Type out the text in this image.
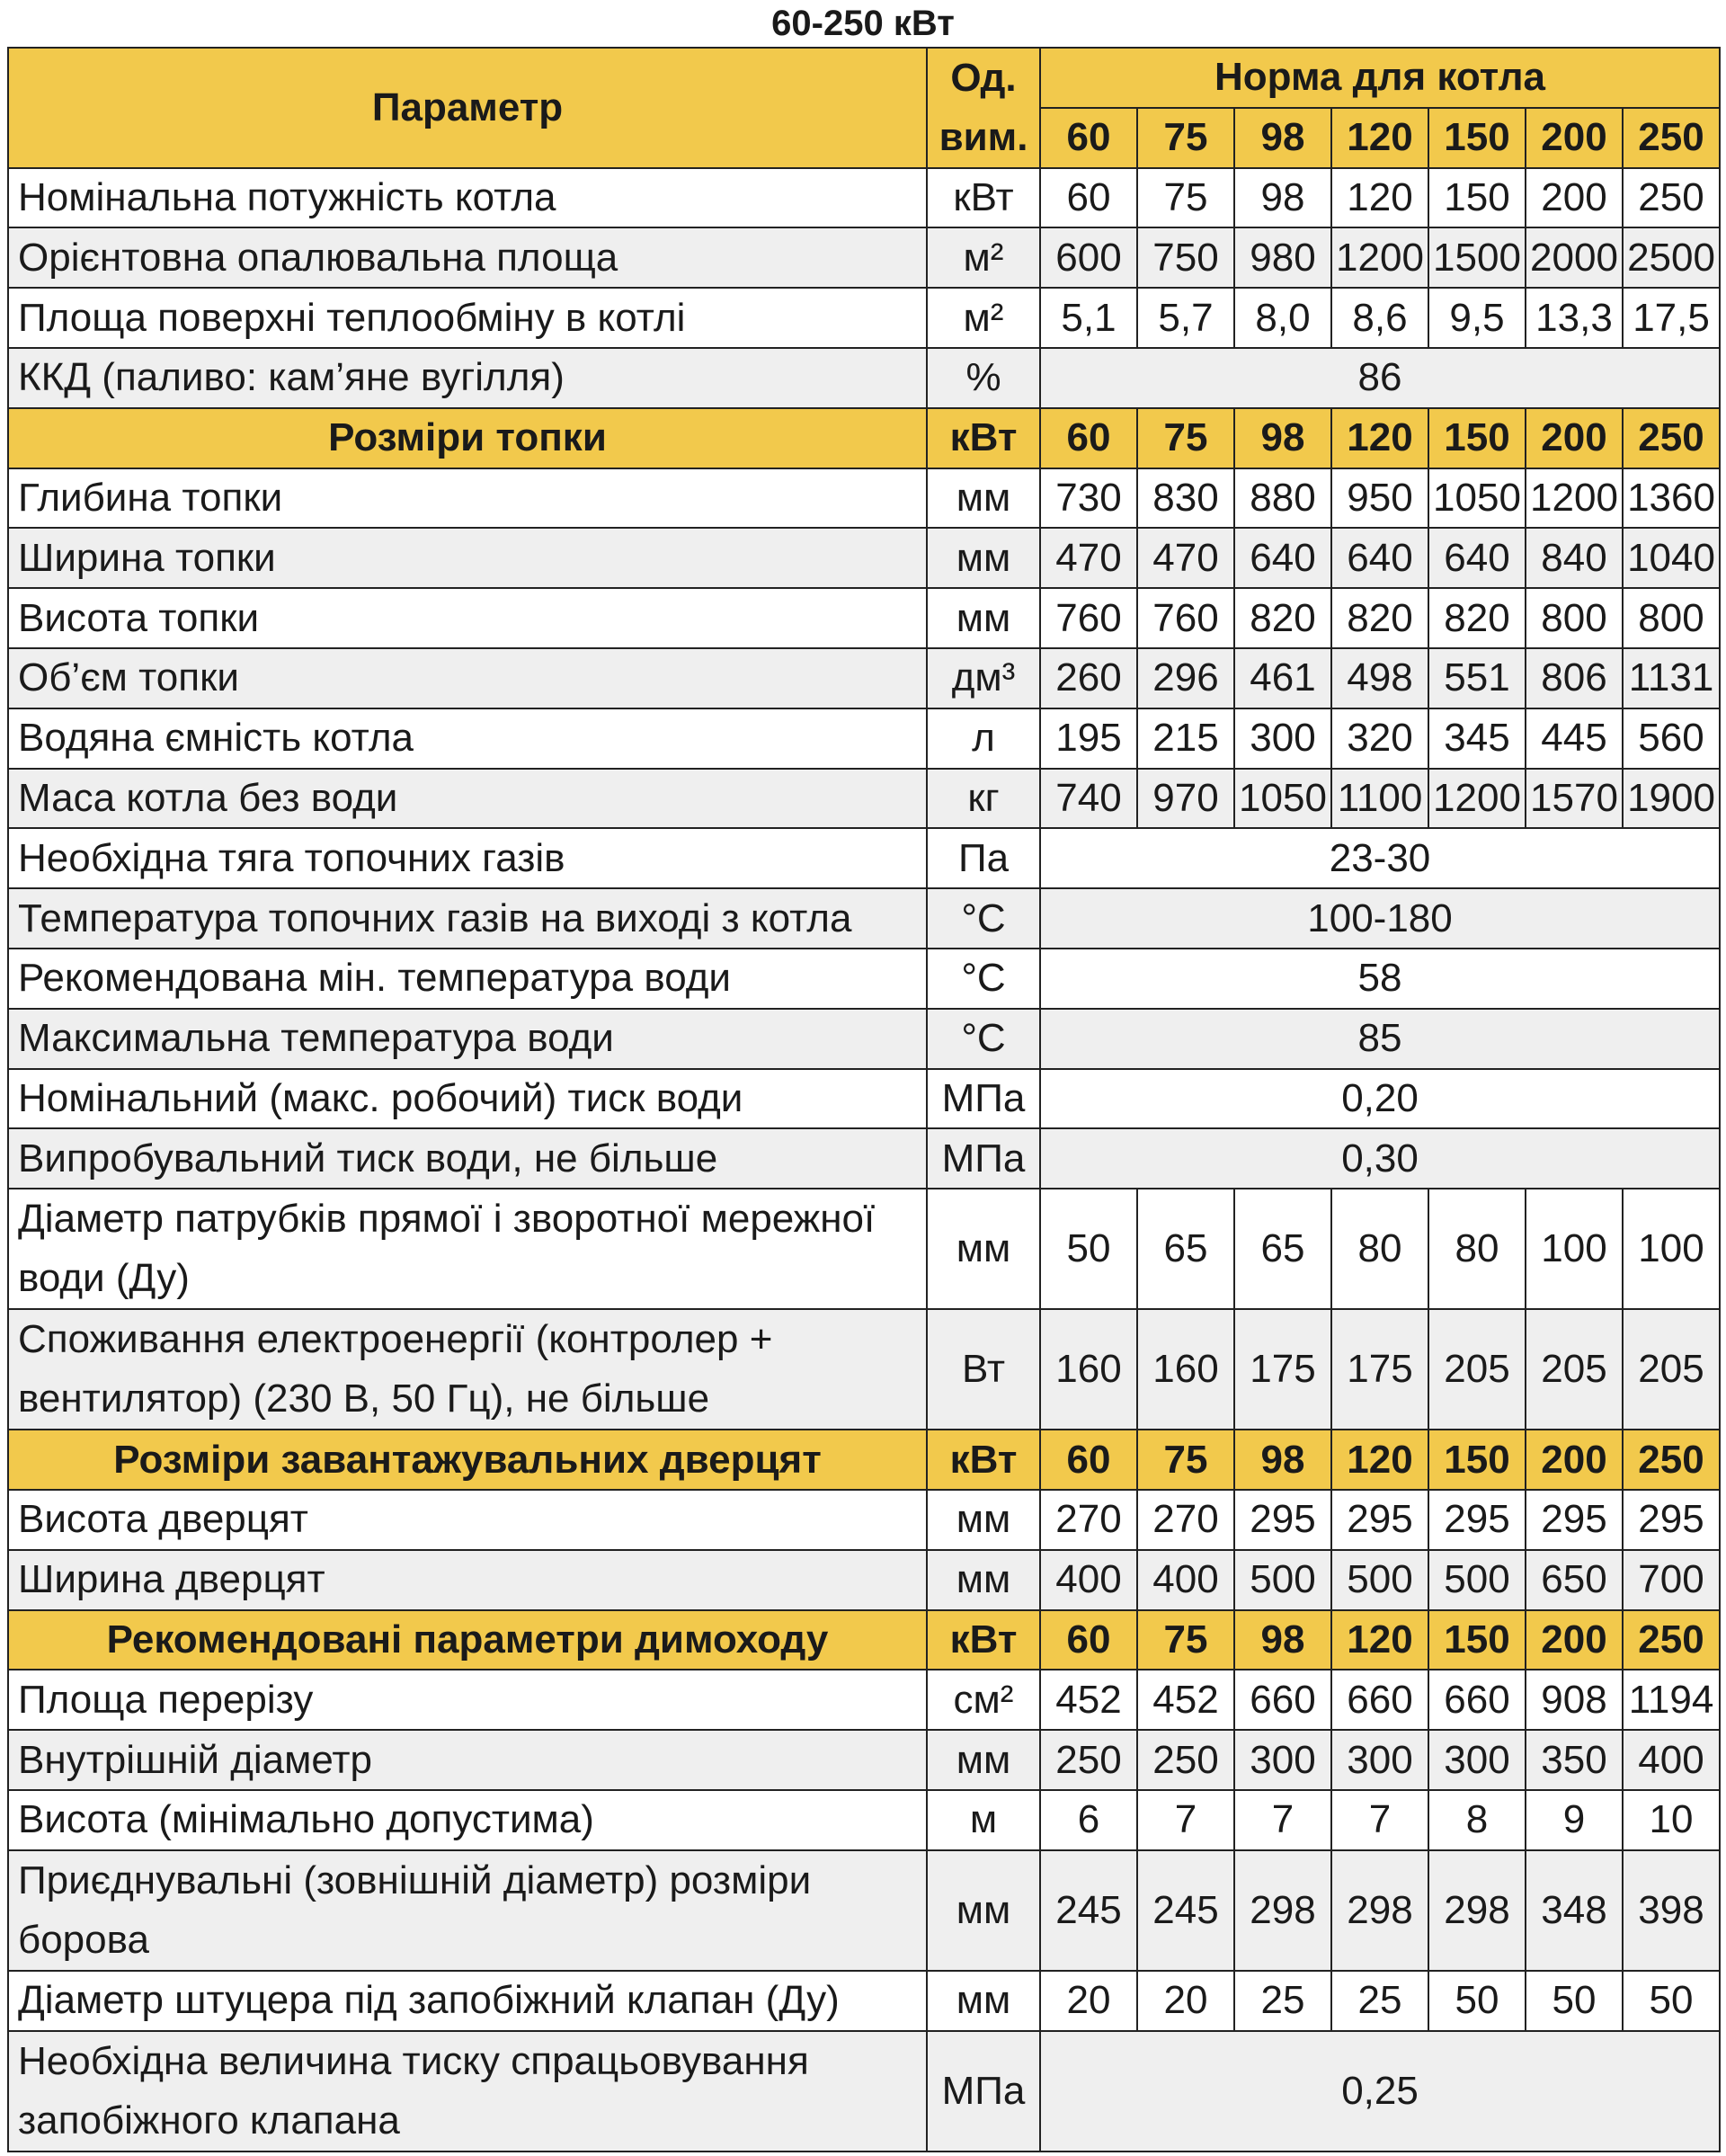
60-250 кВт
Параметр	Од.	Норма для котла						
	вим.	60	75	98	120	150	200	250
Номінальна потужність котла	кВт	60	75	98	120	150	200	250
Орієнтовна опалювальна площа	м²	600	750	980	1200	1500	2000	2500
Площа поверхні теплообміну в котлі	м²	5,1	5,7	8,0	8,6	9,5	13,3	17,5
ККД (паливо: кам’яне вугілля)	%	86						
Розміри топки	кВт	60	75	98	120	150	200	250
Глибина топки	мм	730	830	880	950	1050	1200	1360
Ширина топки	мм	470	470	640	640	640	840	1040
Висота топки	мм	760	760	820	820	820	800	800
Об’єм топки	дм³	260	296	461	498	551	806	1131
Водяна ємність котла	л	195	215	300	320	345	445	560
Маса котла без води	кг	740	970	1050	1100	1200	1570	1900
Необхідна тяга топочних газів	Па	23-30						
Температура топочних газів на виході з котла	°С	100-180						
Рекомендована мін. температура води	°С	58						
Максимальна температура води	°С	85						
Номінальний (макс. робочий) тиск води	МПа	0,20						
Випробувальний тиск води, не більше	МПа	0,30						
Діаметр патрубків прямої і зворотної мережної води (Ду)	мм	50	65	65	80	80	100	100
Споживання електроенергії (контролер + вентилятор) (230 В, 50 Гц), не більше	Вт	160	160	175	175	205	205	205
Розміри завантажувальних дверцят	кВт	60	75	98	120	150	200	250
Висота дверцят	мм	270	270	295	295	295	295	295
Ширина дверцят	мм	400	400	500	500	500	650	700
Рекомендовані параметри димоходу	кВт	60	75	98	120	150	200	250
Площа перерізу	см²	452	452	660	660	660	908	1194
Внутрішній діаметр	мм	250	250	300	300	300	350	400
Висота (мінімально допустима)	м	6	7	7	7	8	9	10
Приєднувальні (зовнішній діаметр) розміри борова	мм	245	245	298	298	298	348	398
Діаметр штуцера під запобіжний клапан (Ду)	мм	20	20	25	25	50	50	50
Необхідна величина тиску спрацьовування запобіжного клапана	МПа	0,25						
